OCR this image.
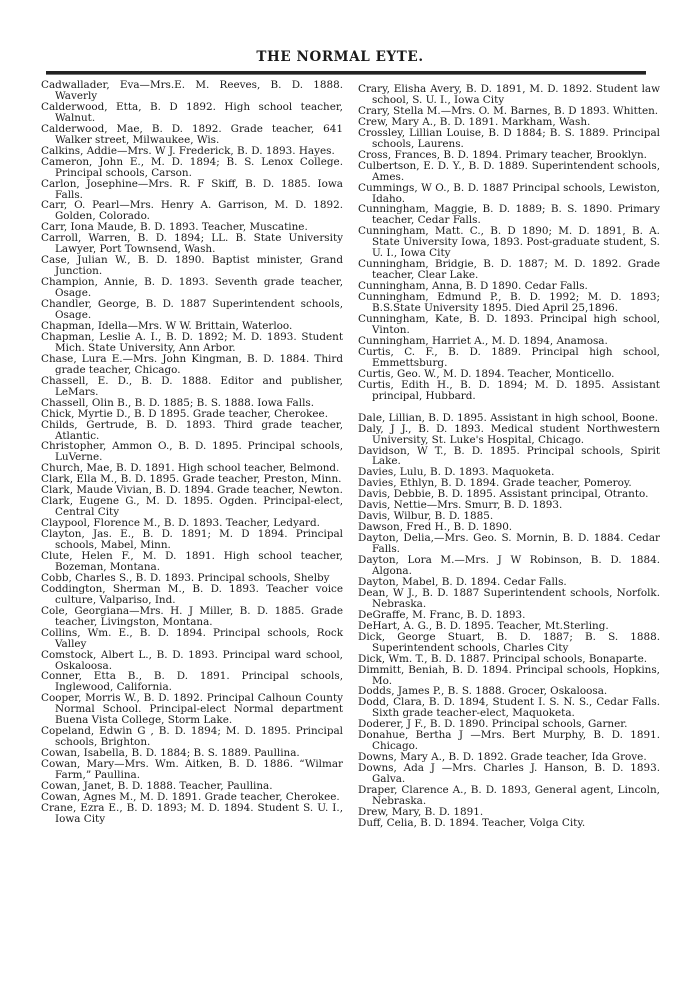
THE NORMAL EYTE.

Cadwallader, Eva—Mrs.E. M. Reeves, B. D. 1888. Waverly

Calderwood, Etta, B. D 1892. High school teacher, Walnut.

Calderwood, Mae, B. D. 1892. Grade teacher, 641 Walker street, Milwaukee, Wis.

Calkins, Addie—Mrs. W J. Frederick, B. D. 1893. Hayes.

Cameron, John E., M. D. 1894; B. S. Lenox College. Principal schools, Carson.

Carlon, Josephine—Mrs. R. F Skiff, B. D. 1885. Iowa Falls.

Carr, O. Pearl—Mrs. Henry A. Garrison, M. D. 1892. Golden, Colorado.

Carr, Iona Maude, B. D. 1893. Teacher, Muscatine.

Carroll, Warren, B. D. 1894; LL. B. State University Lawyer, Port Townsend, Wash.

Case, Julian W., B. D. 1890. Baptist minister, Grand Junction.

Champion, Annie, B. D. 1893. Seventh grade teacher, Osage.

Chandler, George, B. D. 1887 Superintendent schools, Osage.

Chapman, Idella—Mrs. W W. Brittain, Waterloo.

Chapman, Leslie A. I., B. D. 1892; M. D. 1893. Student Mich. State University, Ann Arbor.

Chase, Lura E.—Mrs. John Kingman, B. D. 1884. Third grade teacher, Chicago.

Chassell, E. D., B. D. 1888. Editor and publisher, LeMars.

Chassell, Olin B., B. D. 1885; B. S. 1888. Iowa Falls.

Chick, Myrtie D., B. D 1895. Grade teacher, Cherokee.

Childs, Gertrude, B. D. 1893. Third grade teacher, Atlantic.

Christopher, Ammon O., B. D. 1895. Principal schools, LuVerne.

Church, Mae, B. D. 1891. High school teacher, Belmond.

Clark, Ella M., B. D. 1895. Grade teacher, Preston, Minn.

Clark, Maude Vivian, B. D. 1894. Grade teacher, Newton.

Clark, Eugene G., M. D. 1895. Ogden. Principal-elect, Central City

Claypool, Florence M., B. D. 1893. Teacher, Ledyard.

Clayton, Jas. E., B. D. 1891; M. D 1894. Principal schools, Mabel, Minn.

Clute, Helen F., M. D. 1891. High school teacher, Bozeman, Montana.

Cobb, Charles S., B. D. 1893. Principal schools, Shelby

Coddington, Sherman M., B. D. 1893. Teacher voice culture, Valpariso, Ind.

Cole, Georgiana—Mrs. H. J Miller, B. D. 1885. Grade teacher, Livingston, Montana.

Collins, Wm. E., B. D. 1894. Principal schools, Rock Valley

Comstock, Albert L., B. D. 1893. Principal ward school, Oskaloosa.

Conner, Etta B., B. D. 1891. Principal schools, Inglewood, California.

Cooper, Morris W., B. D. 1892. Principal Calhoun County Normal School. Principal-elect Normal department Buena Vista College, Storm Lake.

Copeland, Edwin G , B. D. 1894; M. D. 1895. Principal schools, Brighton.

Cowan, Isabella, B. D. 1884; B. S. 1889. Paullina.

Cowan, Mary—Mrs. Wm. Aitken, B. D. 1886. “Wilmar Farm,” Paullina.

Cowan, Janet, B. D. 1888. Teacher, Paullina.

Cowan, Agnes M., M. D. 1891. Grade teacher, Cherokee.

Crane, Ezra E., B. D. 1893; M. D. 1894. Student S. U. I., Iowa City

Crary, Elisha Avery, B. D. 1891, M. D. 1892. Student law school, S. U. I., Iowa City

Crary, Stella M.—Mrs. O. M. Barnes, B. D 1893. Whitten.

Crew, Mary A., B. D. 1891. Markham, Wash.

Crossley, Lillian Louise, B. D 1884; B. S. 1889. Principal schools, Laurens.

Cross, Frances, B. D. 1894. Primary teacher, Brooklyn.

Culbertson, E. D. Y., B. D. 1889. Superintendent schools, Ames.

Cummings, W O., B. D. 1887 Principal schools, Lewiston, Idaho.

Cunningham, Maggie, B. D. 1889; B. S. 1890. Primary teacher, Cedar Falls.

Cunningham, Matt. C., B. D 1890; M. D. 1891, B. A. State University Iowa, 1893. Post-graduate student, S. U. I., Iowa City

Cunningham, Bridgie, B. D. 1887; M. D. 1892. Grade teacher, Clear Lake.

Cunningham, Anna, B. D 1890. Cedar Falls.

Cunningham, Edmund P., B. D. 1992; M. D. 1893; B.S.State University 1895. Died April 25,1896.

Cunningham, Kate, B. D. 1893. Principal high school, Vinton.

Cunningham, Harriet A., M. D. 1894, Anamosa.

Curtis, C. F., B. D. 1889. Principal high school, Emmettsburg.

Curtis, Geo. W., M. D. 1894. Teacher, Monticello.

Curtis, Edith H., B. D. 1894; M. D. 1895. Assistant principal, Hubbard.

Dale, Lillian, B. D. 1895. Assistant in high school, Boone.

Daly, J J., B. D. 1893. Medical student Northwestern University, St. Luke's Hospital, Chicago.

Davidson, W T., B. D. 1895. Principal schools, Spirit Lake.

Davies, Lulu, B. D. 1893. Maquoketa.

Davies, Ethlyn, B. D. 1894. Grade teacher, Pomeroy.

Davis, Debbie, B. D. 1895. Assistant principal, Otranto.

Davis, Nettie—Mrs. Smurr, B. D. 1893.

Davis, Wilbur, B. D. 1885.

Dawson, Fred H., B. D. 1890.

Dayton, Delia,—Mrs. Geo. S. Mornin, B. D. 1884. Cedar Falls.

Dayton, Lora M.—Mrs. J W Robinson, B. D. 1884. Algona.

Dayton, Mabel, B. D. 1894. Cedar Falls.

Dean, W J., B. D. 1887 Superintendent schools, Norfolk. Nebraska.

DeGraffe, M. Franc, B. D. 1893.

DeHart, A. G., B. D. 1895. Teacher, Mt.Sterling.

Dick, George Stuart, B. D. 1887; B. S. 1888. Superintendent schools, Charles City

Dick, Wm. T., B. D. 1887. Principal schools, Bonaparte.

Dimmitt, Beniah, B. D. 1894. Principal schools, Hopkins, Mo.

Dodds, James P., B. S. 1888. Grocer, Oskaloosa.

Dodd, Clara, B. D. 1894, Student I. S. N. S., Cedar Falls. Sixth grade teacher-elect, Maquoketa.

Doderer, J F., B. D. 1890. Principal schools, Garner.

Donahue, Bertha J —Mrs. Bert Murphy, B. D. 1891. Chicago.

Downs, Mary A., B. D. 1892. Grade teacher, Ida Grove.

Downs, Ada J —Mrs. Charles J. Hanson, B. D. 1893. Galva.

Draper, Clarence A., B. D. 1893, General agent, Lincoln, Nebraska.

Drew, Mary, B. D. 1891.

Duff, Celia, B. D. 1894. Teacher, Volga City.
